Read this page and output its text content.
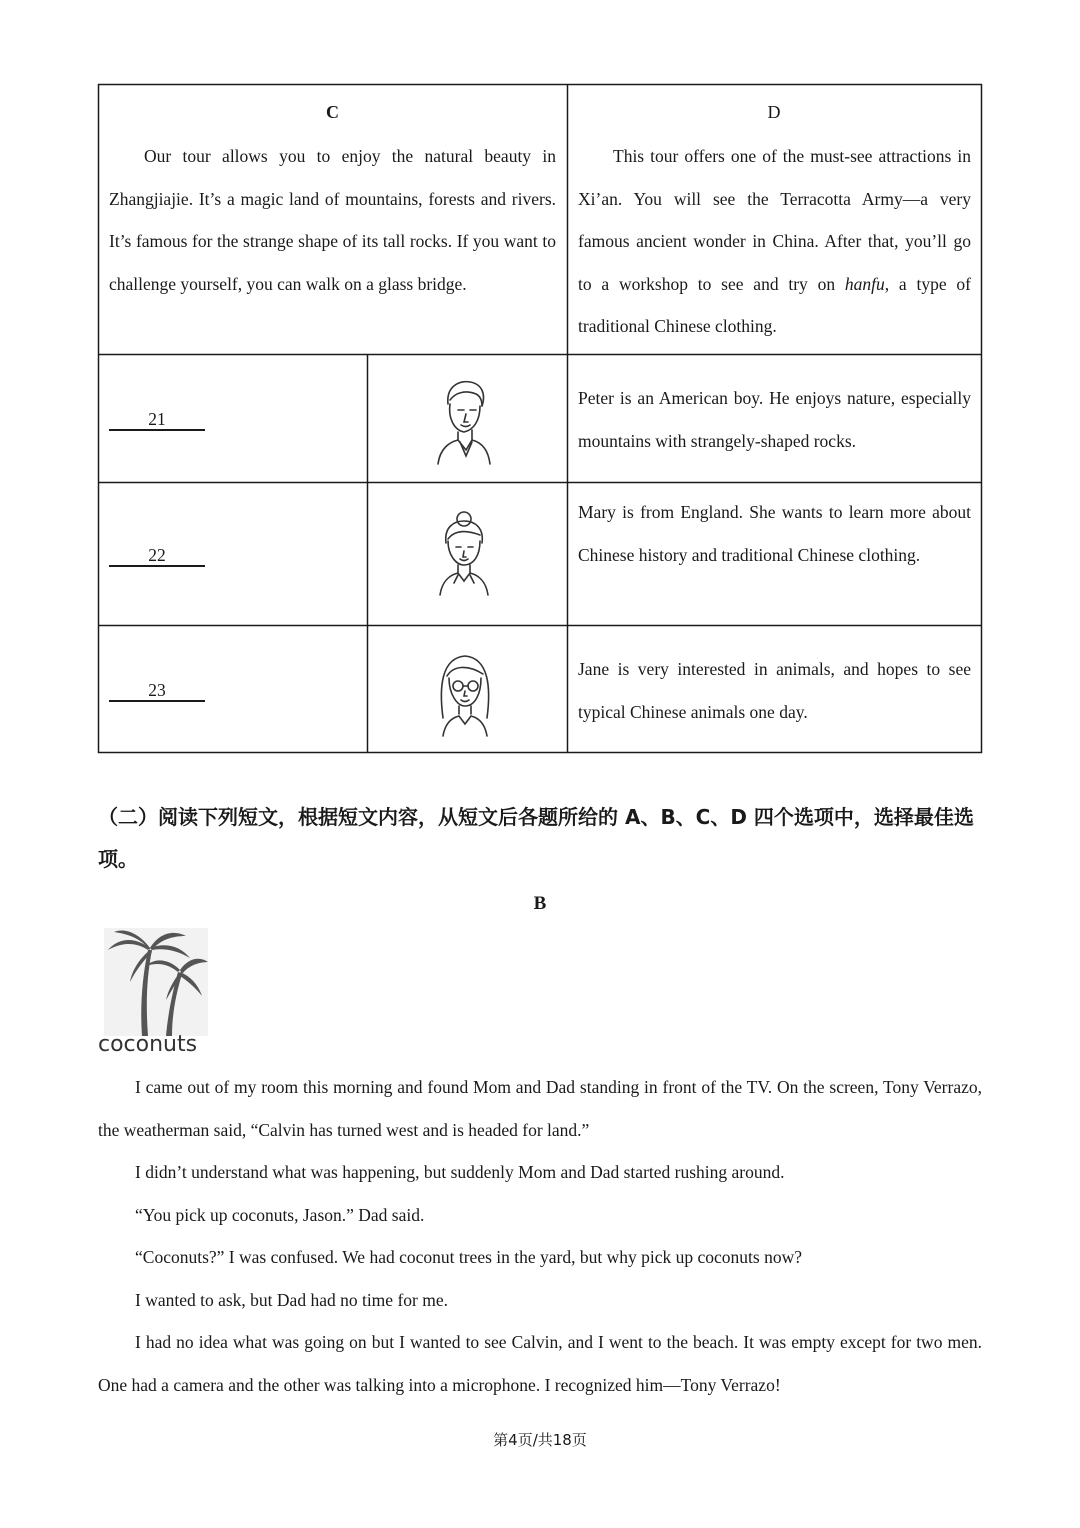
C
Our tour allows you to enjoy the natural beauty in Zhangjiajie. It’s a magic land of mountains, forests and rivers. It’s famous for the strange shape of its tall rocks. If you want to challenge yourself, you can walk on a glass bridge.
D
This tour offers one of the must-see attractions in Xi’an. You will see the Terracotta Army—a very famous ancient wonder in China. After that, you’ll go to a workshop to see and try on hanfu, a type of traditional Chinese clothing.
21
Peter is an American boy. He enjoys nature, especially mountains with strangely-shaped rocks.
22
Mary is from England. She wants to learn more about Chinese history and traditional Chinese clothing.
23
Jane is very interested in animals, and hopes to see typical Chinese animals one day.
（二）阅读下列短文，根据短文内容，从短文后各题所给的 A、B、C、D 四个选项中，选择最佳选项。
B
coconuts

I came out of my room this morning and found Mom and Dad standing in front of the TV. On the screen, Tony Verrazo, the weatherman said, “Calvin has turned west and is headed for land.”

I didn’t understand what was happening, but suddenly Mom and Dad started rushing around.

“You pick up coconuts, Jason.” Dad said.

“Coconuts?” I was confused. We had coconut trees in the yard, but why pick up coconuts now?

I wanted to ask, but Dad had no time for me.

I had no idea what was going on but I wanted to see Calvin, and I went to the beach. It was empty except for two men. One had a camera and the other was talking into a microphone. I recognized him—Tony Verrazo!

第4页/共18页
